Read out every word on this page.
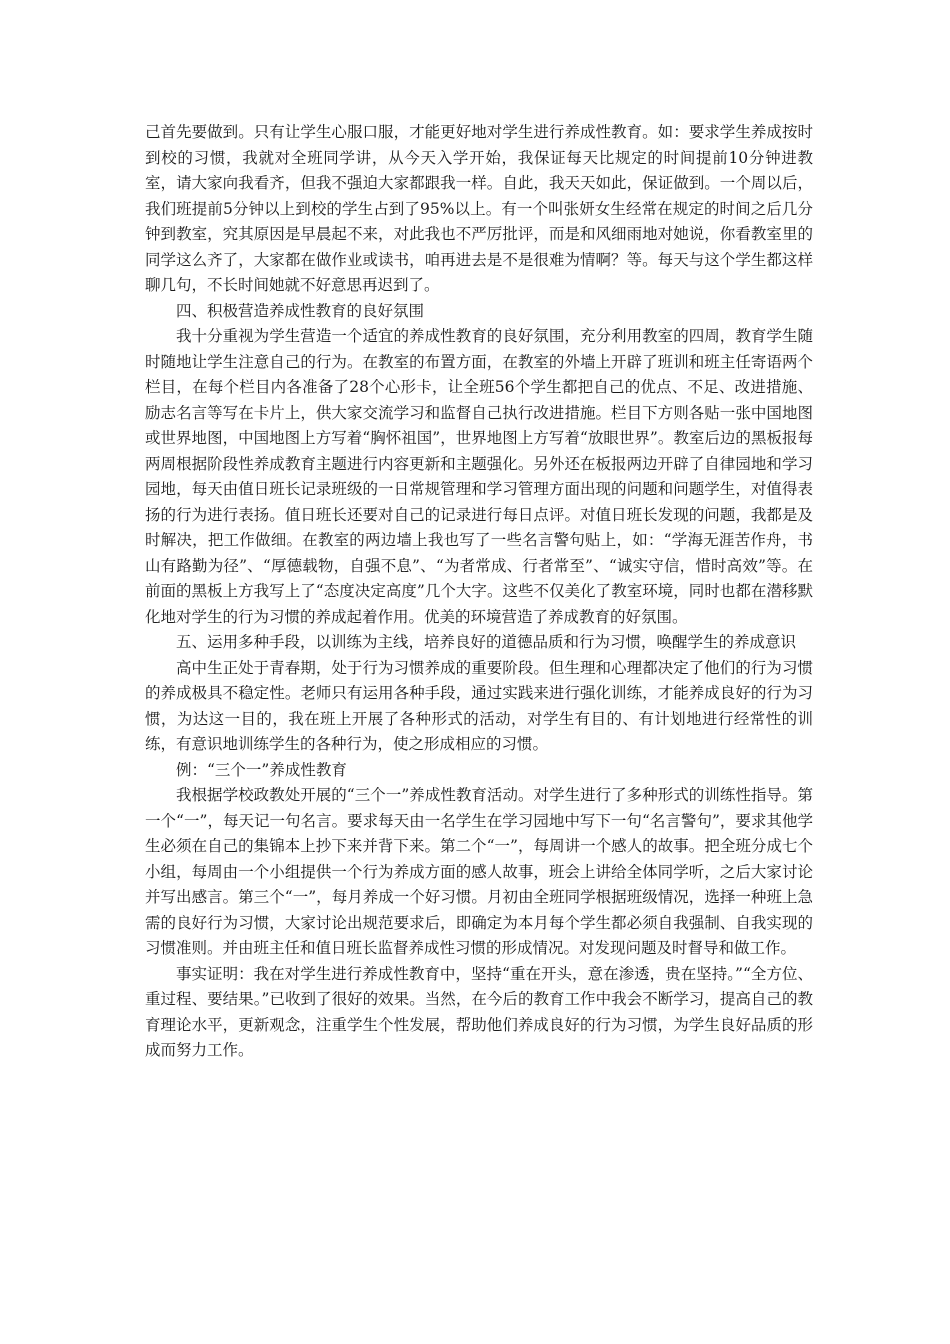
己首先要做到。只有让学生心服口服，才能更好地对学生进行养成性教育。如：要求学生养成按时到校的习惯，我就对全班同学讲，从今天入学开始，我保证每天比规定的时间提前10分钟进教室，请大家向我看齐，但我不强迫大家都跟我一样。自此，我天天如此，保证做到。一个周以后，我们班提前5分钟以上到校的学生占到了95%以上。有一个叫张妍女生经常在规定的时间之后几分钟到教室，究其原因是早晨起不来，对此我也不严厉批评，而是和风细雨地对她说，你看教室里的同学这么齐了，大家都在做作业或读书，咱再进去是不是很难为情啊？等。每天与这个学生都这样聊几句，不长时间她就不好意思再迟到了。

四、积极营造养成性教育的良好氛围

我十分重视为学生营造一个适宜的养成性教育的良好氛围，充分利用教室的四周，教育学生随时随地让学生注意自己的行为。在教室的布置方面，在教室的外墙上开辟了班训和班主任寄语两个栏目，在每个栏目内各准备了28个心形卡，让全班56个学生都把自己的优点、不足、改进措施、励志名言等写在卡片上，供大家交流学习和监督自己执行改进措施。栏目下方则各贴一张中国地图或世界地图，中国地图上方写着“胸怀祖国”，世界地图上方写着“放眼世界”。教室后边的黑板报每两周根据阶段性养成教育主题进行内容更新和主题强化。另外还在板报两边开辟了自律园地和学习园地，每天由值日班长记录班级的一日常规管理和学习管理方面出现的问题和问题学生，对值得表扬的行为进行表扬。值日班长还要对自己的记录进行每日点评。对值日班长发现的问题，我都是及时解决，把工作做细。在教室的两边墙上我也写了一些名言警句贴上，如：“学海无涯苦作舟，书山有路勤为径”、“厚德载物，自强不息”、“为者常成、行者常至”、“诚实守信，惜时高效”等。在前面的黑板上方我写上了“态度决定高度”几个大字。这些不仅美化了教室环境，同时也都在潜移默化地对学生的行为习惯的养成起着作用。优美的环境营造了养成教育的好氛围。

五、运用多种手段，以训练为主线，培养良好的道德品质和行为习惯，唤醒学生的养成意识

高中生正处于青春期，处于行为习惯养成的重要阶段。但生理和心理都决定了他们的行为习惯的养成极具不稳定性。老师只有运用各种手段，通过实践来进行强化训练，才能养成良好的行为习惯，为达这一目的，我在班上开展了各种形式的活动，对学生有目的、有计划地进行经常性的训练，有意识地训练学生的各种行为，使之形成相应的习惯。

例：“三个一”养成性教育

我根据学校政教处开展的“三个一”养成性教育活动。对学生进行了多种形式的训练性指导。第一个“一”，每天记一句名言。要求每天由一名学生在学习园地中写下一句“名言警句”，要求其他学生必须在自己的集锦本上抄下来并背下来。第二个“一”，每周讲一个感人的故事。把全班分成七个小组，每周由一个小组提供一个行为养成方面的感人故事，班会上讲给全体同学听，之后大家讨论并写出感言。第三个“一”，每月养成一个好习惯。月初由全班同学根据班级情况，选择一种班上急需的良好行为习惯，大家讨论出规范要求后，即确定为本月每个学生都必须自我强制、自我实现的习惯准则。并由班主任和值日班长监督养成性习惯的形成情况。对发现问题及时督导和做工作。

事实证明：我在对学生进行养成性教育中，坚持“重在开头，意在渗透，贵在坚持。”“全方位、重过程、要结果。”已收到了很好的效果。当然，在今后的教育工作中我会不断学习，提高自己的教育理论水平，更新观念，注重学生个性发展，帮助他们养成良好的行为习惯，为学生良好品质的形成而努力工作。
